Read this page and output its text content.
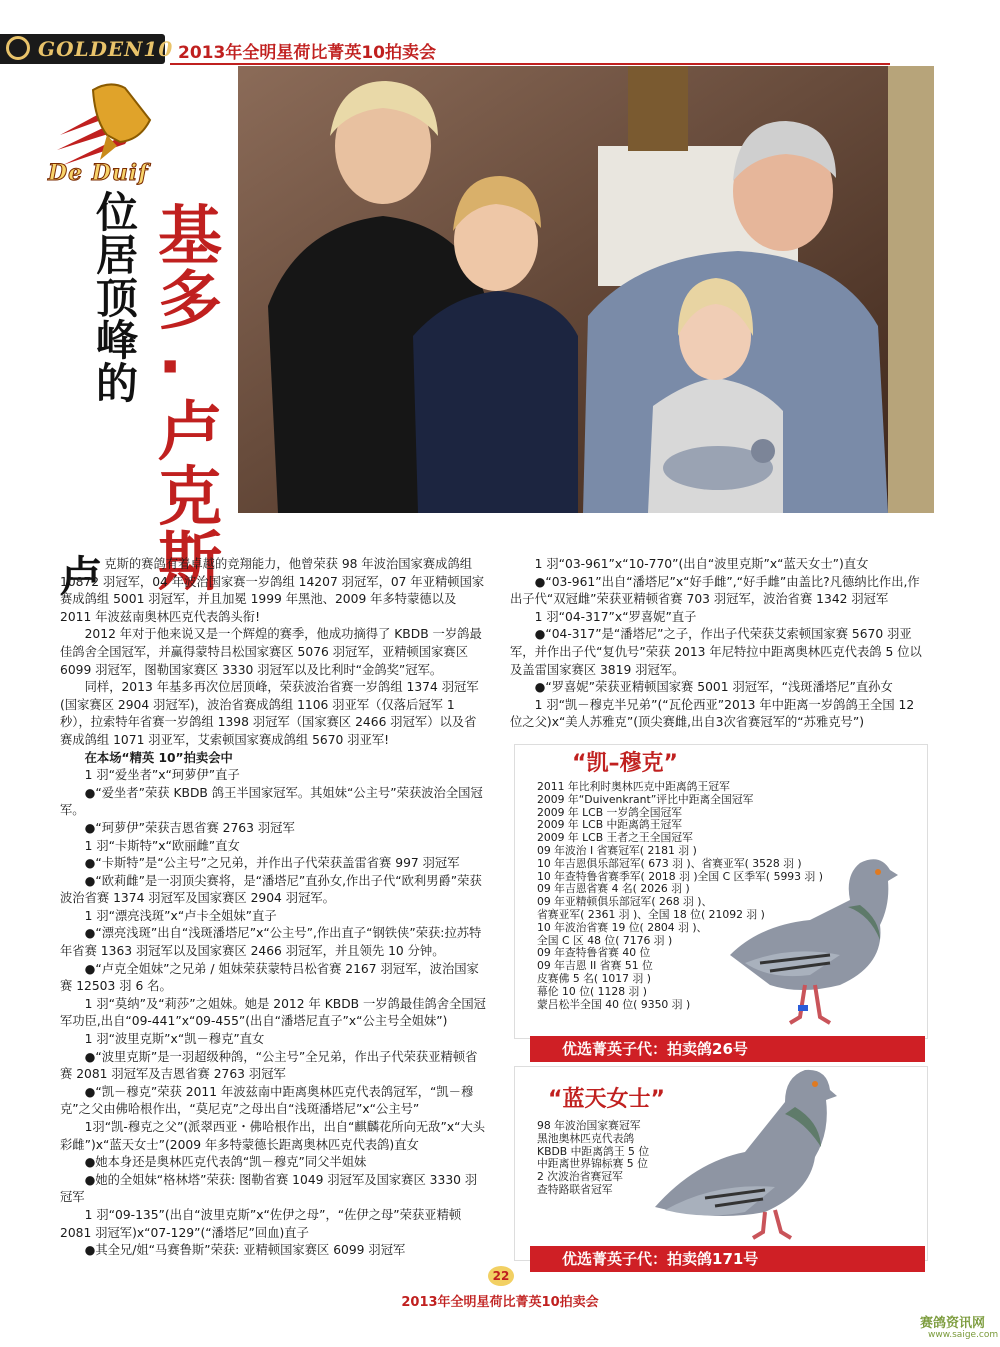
GOLDEN10 2013年全明星荷比菁英10拍卖会
De Duif
位居顶峰的
基多·卢克斯
卢 克斯的赛鸽有着卓越的竞翔能力，他曾荣获 98 年波治国家赛成鸽组 10872 羽冠军，04 年波治国家赛一岁鸽组 14207 羽冠军，07 年亚精顿国家赛成鸽组 5001 羽冠军，并且加冕 1999 年黑池、2009 年多特蒙德以及 2011 年波兹南奥林匹克代表鸽头衔!

2012 年对于他来说又是一个辉煌的赛季，他成功摘得了 KBDB 一岁鸽最佳鸽舍全国冠军，并赢得蒙特吕松国家赛区 5076 羽冠军，亚精顿国家赛区 6099 羽冠军，图勒国家赛区 3330 羽冠军以及比利时“金鸽奖”冠军。

同样，2013 年基多再次位居顶峰，荣获波治省赛一岁鸽组 1374 羽冠军(国家赛区 2904 羽冠军)，波治省赛成鸽组 1106 羽亚军（仅落后冠军 1 秒），拉索特年省赛一岁鸽组 1398 羽冠军（国家赛区 2466 羽冠军）以及省赛成鸽组 1071 羽亚军，艾索顿国家赛成鸽组 5670 羽亚军!

在本场“精英 10”拍卖会中

1 羽“爱坐者”x“珂萝伊”直子

●“爱坐者”荣获 KBDB 鸽王半国家冠军。其姐妹“公主号”荣获波治全国冠军。

●“珂萝伊”荣获吉恩省赛 2763 羽冠军

1 羽“卡斯特”x“欧丽雌”直女

●“卡斯特”是“公主号”之兄弟，并作出子代荣获盖雷省赛 997 羽冠军

●“欧莉雌”是一羽顶尖赛将，是“潘塔尼”直孙女,作出子代“欧利男爵”荣获波治省赛 1374 羽冠军及国家赛区 2904 羽冠军。

1 羽“漂亮浅斑”x“卢卡全姐妹”直子

●“漂亮浅斑”出自“浅斑潘塔尼”x“公主号”,作出直子“钢铁侠”荣获:拉苏特年省赛 1363 羽冠军以及国家赛区 2466 羽冠军，并且领先 10 分钟。

●“卢克全姐妹”之兄弟 / 姐妹荣获蒙特吕松省赛 2167 羽冠军，波治国家赛 12503 羽 6 名。

1 羽“莫纳”及“莉莎”之姐妹。她是 2012 年 KBDB 一岁鸽最佳鸽舍全国冠军功臣,出自“09-441”x“09-455”(出自“潘塔尼直子”x“公主号全姐妹”)

1 羽“波里克斯”x“凯－穆克”直女

●“波里克斯”是一羽超级种鸽，“公主号”全兄弟，作出子代荣获亚精顿省赛 2081 羽冠军及吉恩省赛 2763 羽冠军

●“凯－穆克”荣获 2011 年波兹南中距离奥林匹克代表鸽冠军，“凯－穆克”之父由佛哈根作出，“莫尼克”之母出自“浅斑潘塔尼”x“公主号”

1羽“凯-穆克之父”(派翠西亚・佛哈根作出，出自“麒麟花所向无敌”x“大头彩雌”)x“蓝天女士”(2009 年多特蒙德长距离奥林匹克代表鸽)直女

●她本身还是奥林匹克代表鸽“凯－穆克”同父半姐妹

●她的全姐妹“格林塔”荣获: 图勒省赛 1049 羽冠军及国家赛区 3330 羽冠军

1 羽“09-135”(出自“波里克斯”x“佐伊之母”，“佐伊之母”荣获亚精顿 2081 羽冠军)x“07-129”(“潘塔尼”回血)直子

●其全兄/姐“马赛鲁斯”荣获: 亚精顿国家赛区 6099 羽冠军

1 羽“03-961”x“10-770”(出自“波里克斯”x“蓝天女士”)直女

●“03-961”出自“潘塔尼”x“好手雌”,“好手雌”由盖比?凡德纳比作出,作出子代“双冠雌”荣获亚精顿省赛 703 羽冠军，波治省赛 1342 羽冠军

1 羽“04-317”x“罗喜妮”直子

●“04-317”是“潘塔尼”之子，作出子代荣获艾索顿国家赛 5670 羽亚军，并作出子代“复仇号”荣获 2013 年尼特拉中距离奥林匹克代表鸽 5 位以及盖雷国家赛区 3819 羽冠军。

●“罗喜妮”荣获亚精顿国家赛 5001 羽冠军，“浅斑潘塔尼”直孙女

1 羽“凯－穆克半兄弟”(“瓦伦西亚”2013 年中距离一岁鸽鸽王全国 12 位之父)x“美人苏雅克”(顶尖赛雌,出自3次省赛冠军的“苏雅克号”)

“凯–穆克”
2011 年比利时奥林匹克中距离鸽王冠军
2009 年“Duivenkrant”评比中距离全国冠军
2009 年 LCB 一岁鸽全国冠军
2009 年 LCB 中距离鸽王冠军
2009 年 LCB 王者之王全国冠军
09 年波治 I 省赛冠军( 2181 羽 )
10 年吉恩俱乐部冠军( 673 羽 )、省赛亚军( 3528 羽 )
10 年查特鲁省赛季军( 2018 羽 )全国 C 区季军( 5993 羽 )
09 年吉恩省赛 4 名( 2026 羽 )
09 年亚精顿俱乐部冠军( 268 羽 )、
省赛亚军( 2361 羽 )、全国 18 位( 21092 羽 )
10 年波治省赛 19 位( 2804 羽 )、
全国 C 区 48 位( 7176 羽 )
09 年查特鲁省赛 40 位
09 年吉恩 II 省赛 51 位
皮赛佛 5 名( 1017 羽 )
幕伦 10 位( 1128 羽 )
蒙吕松半全国 40 位( 9350 羽 )
优选菁英子代：拍卖鸽26号
“蓝天女士”
98 年波治国家赛冠军
黑池奥林匹克代表鸽
KBDB 中距离鸽王 5 位
中距离世界锦标赛 5 位
2 次波治省赛冠军
查特路联省冠军
优选菁英子代：拍卖鸽171号
22
2013年全明星荷比菁英10拍卖会
赛鸽资讯网
www.saige.com
